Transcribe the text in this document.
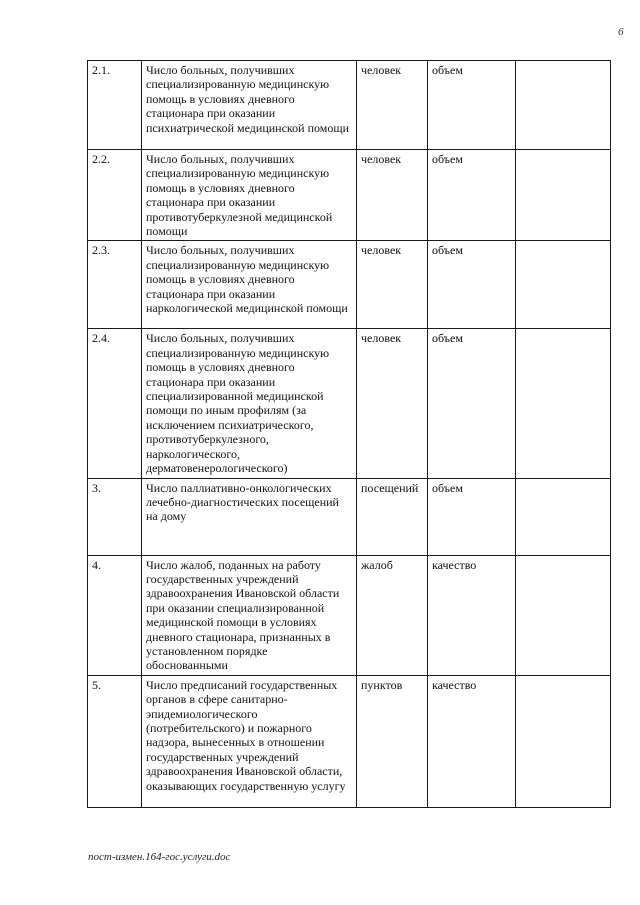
6
2.1.	Число больных, получивших специализированную медицинскую помощь в условиях дневного стационара при оказании психиатрической медицинской помощи	человек	объем	
2.2.	Число больных, получивших специализированную медицинскую помощь в условиях дневного стационара при оказании противотуберкулезной медицинской помощи	человек	объем	
2.3.	Число больных, получивших специализированную медицинскую помощь в условиях дневного стационара при оказании наркологической медицинской помощи	человек	объем	
2.4.	Число больных, получивших специализированную медицинскую помощь в условиях дневного стационара при оказании специализированной медицинской помощи по иным профилям (за исключением психиатрического, противотуберкулезного, наркологического, дерматовенерологического)	человек	объем	
3.	Число паллиативно-онкологических лечебно-диагностических посещений на дому	посещений	объем	
4.	Число жалоб, поданных на работу государственных учреждений здравоохранения Ивановской области при оказании специализированной медицинской помощи в условиях дневного стационара, признанных в установленном порядке обоснованными	жалоб	качество	
5.	Число предписаний государственных органов в сфере санитарно-эпидемиологического (потребительского) и пожарного надзора, вынесенных в отношении государственных учреждений здравоохранения Ивановской области, оказывающих государственную услугу	пунктов	качество	
пост-измен.164-гос.услуги.doc
